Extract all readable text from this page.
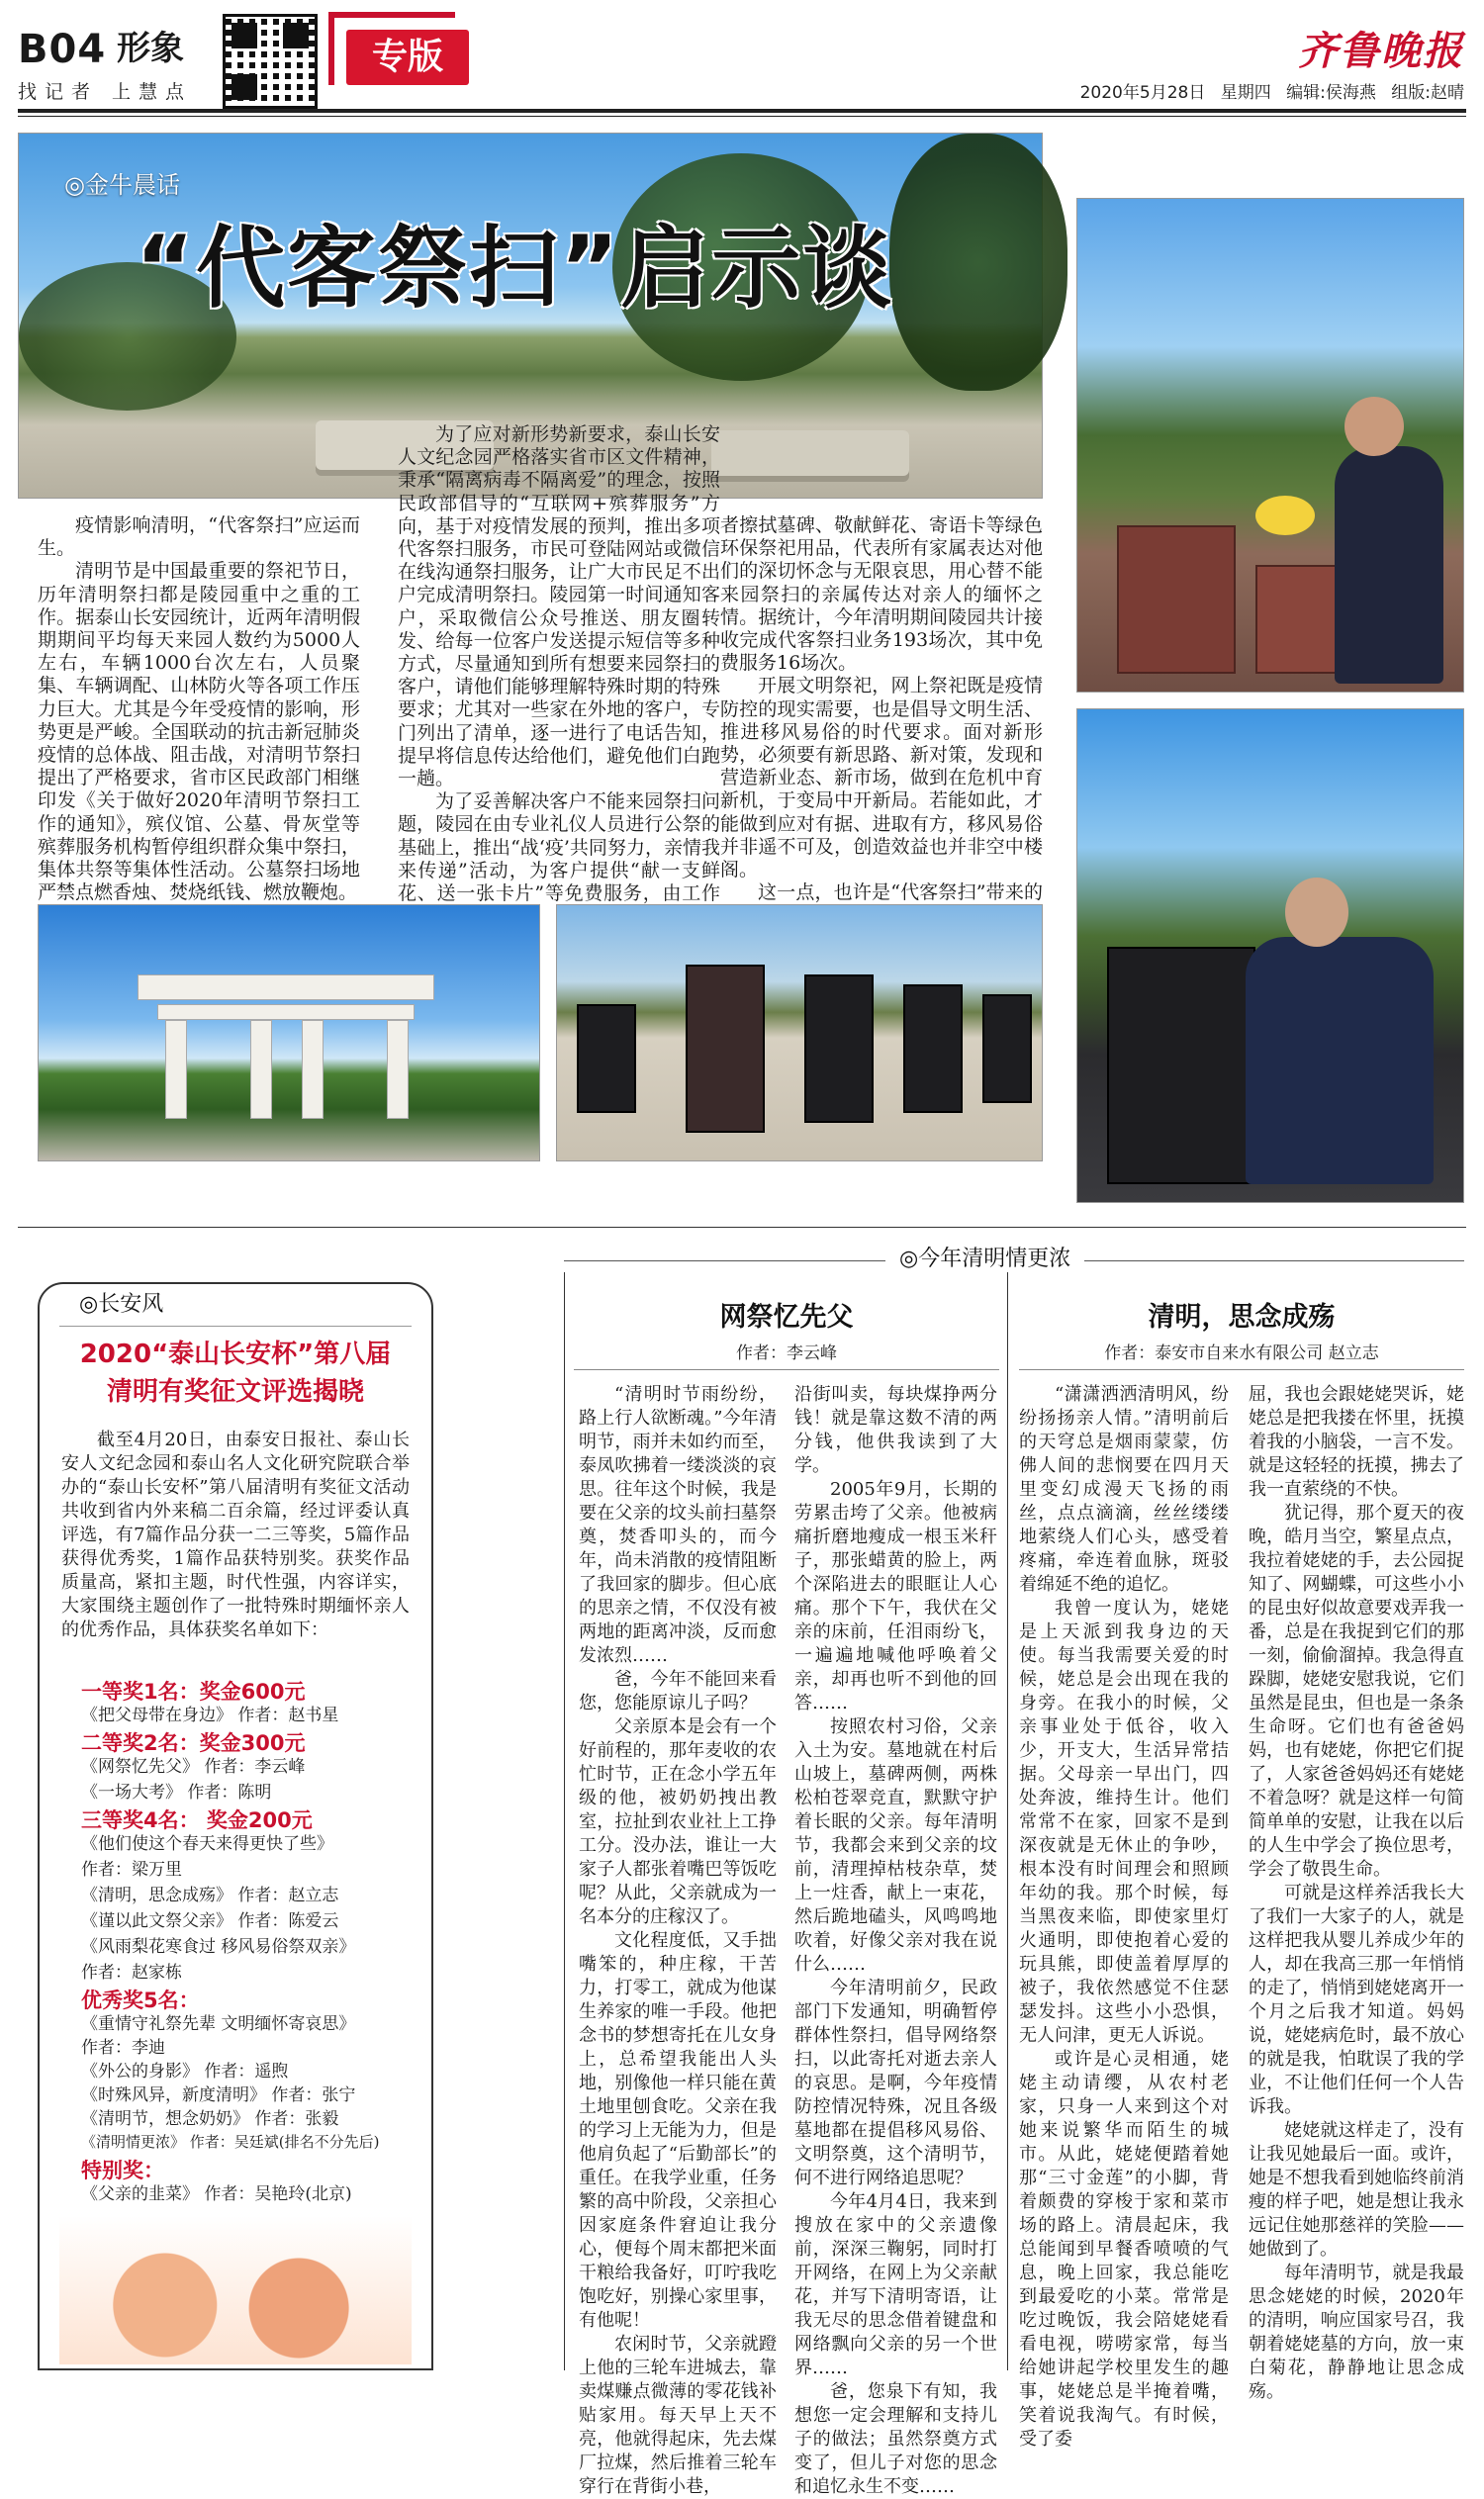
B04 形象
找记者 上慧点
专版	齐鲁晚报
2020年5月28日 星期四 编辑:侯海燕 组版:赵晴
◎金牛晨话
“代客祭扫”启示谈

疫情影响清明，“代客祭扫”应运而生。

清明节是中国最重要的祭祀节日，历年清明祭扫都是陵园重中之重的工作。据泰山长安园统计，近两年清明假期期间平均每天来园人数约为5000人左右，车辆1000台次左右，人员聚集、车辆调配、山林防火等各项工作压力巨大。尤其是今年受疫情的影响，形势更是严峻。全国联动的抗击新冠肺炎疫情的总体战、阻击战，对清明节祭扫提出了严格要求，省市区民政部门相继印发《关于做好2020年清明节祭扫工作的通知》，殡仪馆、公墓、骨灰堂等殡葬服务机构暂停组织群众集中祭扫，集体共祭等集体性活动。公墓祭扫场地严禁点燃香烛、焚烧纸钱、燃放鞭炮。

为了应对新形势新要求，泰山长安人文纪念园严格落实省市区文件精神，秉承“隔离病毒不隔离爱”的理念，按照民政部倡导的“互联网+殡葬服务”方向，基于对疫情发展的预判，推出多项代客祭扫服务，市民可登陆网站或微信在线沟通祭扫服务，让广大市民足不出户完成清明祭扫。陵园第一时间通知客户，采取微信公众号推送、朋友圈转发、给每一位客户发送提示短信等多种方式，尽量通知到所有想要来园祭扫的客户，请他们能够理解特殊时期的特殊要求；尤其对一些家在外地的客户，专门列出了清单，逐一进行了电话告知，提早将信息传达给他们，避免他们白跑一趟。

为了妥善解决客户不能来园祭扫问题，陵园在由专业礼仪人员进行公祭的基础上，推出“战‘疫’共同努力，亲情我来传递”活动，为客户提供“献一支鲜花、送一张卡片”等免费服务，由工作

者擦拭墓碑、敬献鲜花、寄语卡等绿色环保祭祀用品，代表所有家属表达对他们的深切怀念与无限哀思，用心替不能来园祭扫的亲属传达对亲人的缅怀之情。据统计，今年清明期间陵园共计接收完成代客祭扫业务193场次，其中免费服务16场次。

开展文明祭祀，网上祭祀既是疫情防控的现实需要，也是倡导文明生活、推进移风易俗的时代要求。面对新形势，必须要有新思路、新对策，发现和营造新业态、新市场，做到在危机中育新机，于变局中开新局。若能如此，才能做到应对有据、进取有方，移风易俗并非遥不可及，创造效益也并非空中楼阁。

这一点，也许是“代客祭扫”带来的

◎今年清明情更浓
◎长安风
2020“泰山长安杯”第八届
清明有奖征文评选揭晓

截至4月20日，由泰安日报社、泰山长安人文纪念园和泰山名人文化研究院联合举办的“泰山长安杯”第八届清明有奖征文活动共收到省内外来稿二百余篇，经过评委认真评选，有7篇作品分获一二三等奖，5篇作品获得优秀奖，1篇作品获特别奖。获奖作品质量高，紧扣主题，时代性强，内容详实，大家围绕主题创作了一批特殊时期缅怀亲人的优秀作品，具体获奖名单如下：

一等奖1名：奖金600元
《把父母带在身边》 作者：赵书星
二等奖2名：奖金300元
《网祭忆先父》 作者：李云峰
《一场大考》 作者：陈明
三等奖4名： 奖金200元
《他们使这个春天来得更快了些》
作者：梁万里
《清明，思念成殇》 作者：赵立志
《谨以此文祭父亲》 作者：陈爱云
《风雨梨花寒食过 移风易俗祭双亲》
作者：赵家栋
优秀奖5名：
《重情守礼祭先辈 文明缅怀寄哀思》
作者：李迪
《外公的身影》 作者：遥煦
《时殊风异，新度清明》 作者：张宁
《清明节，想念奶奶》 作者：张毅
《清明情更浓》 作者：吴廷斌(排名不分先后)
特别奖：
《父亲的韭菜》 作者：吴艳玲(北京)
网祭忆先父
作者：李云峰

“清明时节雨纷纷，路上行人欲断魂。”今年清明节，雨并未如约而至，泰凤吹拂着一缕淡淡的哀思。往年这个时候，我是要在父亲的坟头前扫墓祭奠，焚香叩头的，而今年，尚未消散的疫情阻断了我回家的脚步。但心底的思亲之情，不仅没有被两地的距离冲淡，反而愈发浓烈……

爸，今年不能回来看您，您能原谅儿子吗？

父亲原本是会有一个好前程的，那年麦收的农忙时节，正在念小学五年级的他，被奶奶拽出教室，拉扯到农业社上工挣工分。没办法，谁让一大家子人都张着嘴巴等饭吃呢？从此，父亲就成为一名本分的庄稼汉了。

文化程度低，又手拙嘴笨的，种庄稼，干苦力，打零工，就成为他谋生养家的唯一手段。他把念书的梦想寄托在儿女身上，总希望我能出人头地，别像他一样只能在黄土地里刨食吃。父亲在我的学习上无能为力，但是他肩负起了“后勤部长”的重任。在我学业重，任务繁的高中阶段，父亲担心因家庭条件窘迫让我分心，便每个周末都把米面干粮给我备好，叮咛我吃饱吃好，别操心家里事，有他呢！

农闲时节，父亲就蹬上他的三轮车进城去，靠卖煤赚点微薄的零花钱补贴家用。每天早上天不亮，他就得起床，先去煤厂拉煤，然后推着三轮车穿行在背街小巷，

沿街叫卖，每块煤挣两分钱！就是靠这数不清的两分钱，他供我读到了大学。

2005年9月，长期的劳累击垮了父亲。他被病痛折磨地瘦成一根玉米秆子，那张蜡黄的脸上，两个深陷进去的眼眶让人心痛。那个下午，我伏在父亲的床前，任泪雨纷飞，一遍遍地喊他呼唤着父亲，却再也听不到他的回答……

按照农村习俗，父亲入土为安。墓地就在村后山坡上，墓碑两侧，两株松柏苍翠竞直，默默守护着长眠的父亲。每年清明节，我都会来到父亲的坟前，清理掉枯枝杂草，焚上一炷香，献上一束花，然后跪地磕头，风鸣鸣地吹着，好像父亲对我在说什么……

今年清明前夕，民政部门下发通知，明确暂停群体性祭扫，倡导网络祭扫，以此寄托对逝去亲人的哀思。是啊，今年疫情防控情况特殊，况且各级墓地都在提倡移风易俗、文明祭奠，这个清明节，何不进行网络追思呢？

今年4月4日，我来到搜放在家中的父亲遗像前，深深三鞠躬，同时打开网络，在网上为父亲献花，并写下清明寄语，让我无尽的思念借着键盘和网络飘向父亲的另一个世界……

爸，您泉下有知，我想您一定会理解和支持儿子的做法；虽然祭奠方式变了，但儿子对您的思念和追忆永生不变……

清明，思念成殇
作者：泰安市自来水有限公司 赵立志

“潇潇洒洒清明风，纷纷扬扬亲人情。”清明前后的天穹总是烟雨蒙蒙，仿佛人间的悲悯要在四月天里变幻成漫天飞扬的雨丝，点点滴滴，丝丝缕缕地萦绕人们心头，感受着疼痛，牵连着血脉，斑驳着绵延不绝的追忆。

我曾一度认为，姥姥是上天派到我身边的天使。每当我需要关爱的时候，姥总是会出现在我的身旁。在我小的时候，父亲事业处于低谷，收入少，开支大，生活异常拮据。父母亲一早出门，四处奔波，维持生计。他们常常不在家，回家不是到深夜就是无休止的争吵，根本没有时间理会和照顾年幼的我。那个时候，每当黑夜来临，即使家里灯火通明，即使抱着心爱的玩具熊，即使盖着厚厚的被子，我依然感觉不住瑟瑟发抖。这些小小恐惧，无人问津，更无人诉说。

或许是心灵相通，姥姥主动请缨，从农村老家，只身一人来到这个对她来说繁华而陌生的城市。从此，姥姥便踏着她那“三寸金莲”的小脚，背着颇费的穿梭于家和菜市场的路上。清晨起床，我总能闻到早餐香喷喷的气息，晚上回家，我总能吃到最爱吃的小菜。常常是吃过晚饭，我会陪姥姥看看电视，唠唠家常，每当给她讲起学校里发生的趣事，姥姥总是半掩着嘴，笑着说我淘气。有时候，受了委

屈，我也会跟姥姥哭诉，姥姥总是把我搂在怀里，抚摸着我的小脑袋，一言不发。就是这轻轻的抚摸，拂去了我一直萦绕的不快。

犹记得，那个夏天的夜晚，皓月当空，繁星点点，我拉着姥姥的手，去公园捉知了、网蝴蝶，可这些小小的昆虫好似故意要戏弄我一番，总是在我捉到它们的那一刻，偷偷溜掉。我急得直跺脚，姥姥安慰我说，它们虽然是昆虫，但也是一条条生命呀。它们也有爸爸妈妈，也有姥姥，你把它们捉了，人家爸爸妈妈还有姥姥不着急呀？就是这样一句简简单单的安慰，让我在以后的人生中学会了换位思考，学会了敬畏生命。

可就是这样养活我长大了我们一大家子的人，就是这样把我从婴儿养成少年的人，却在我高三那一年悄悄的走了，悄悄到姥姥离开一个月之后我才知道。妈妈说，姥姥病危时，最不放心的就是我，怕耽误了我的学业，不让他们任何一个人告诉我。

姥姥就这样走了，没有让我见她最后一面。或许，她是不想我看到她临终前消瘦的样子吧，她是想让我永远记住她那慈祥的笑脸——她做到了。

每年清明节，就是我最思念姥姥的时候，2020年的清明，响应国家号召，我朝着姥姥墓的方向，放一束白菊花，静静地让思念成殇。
